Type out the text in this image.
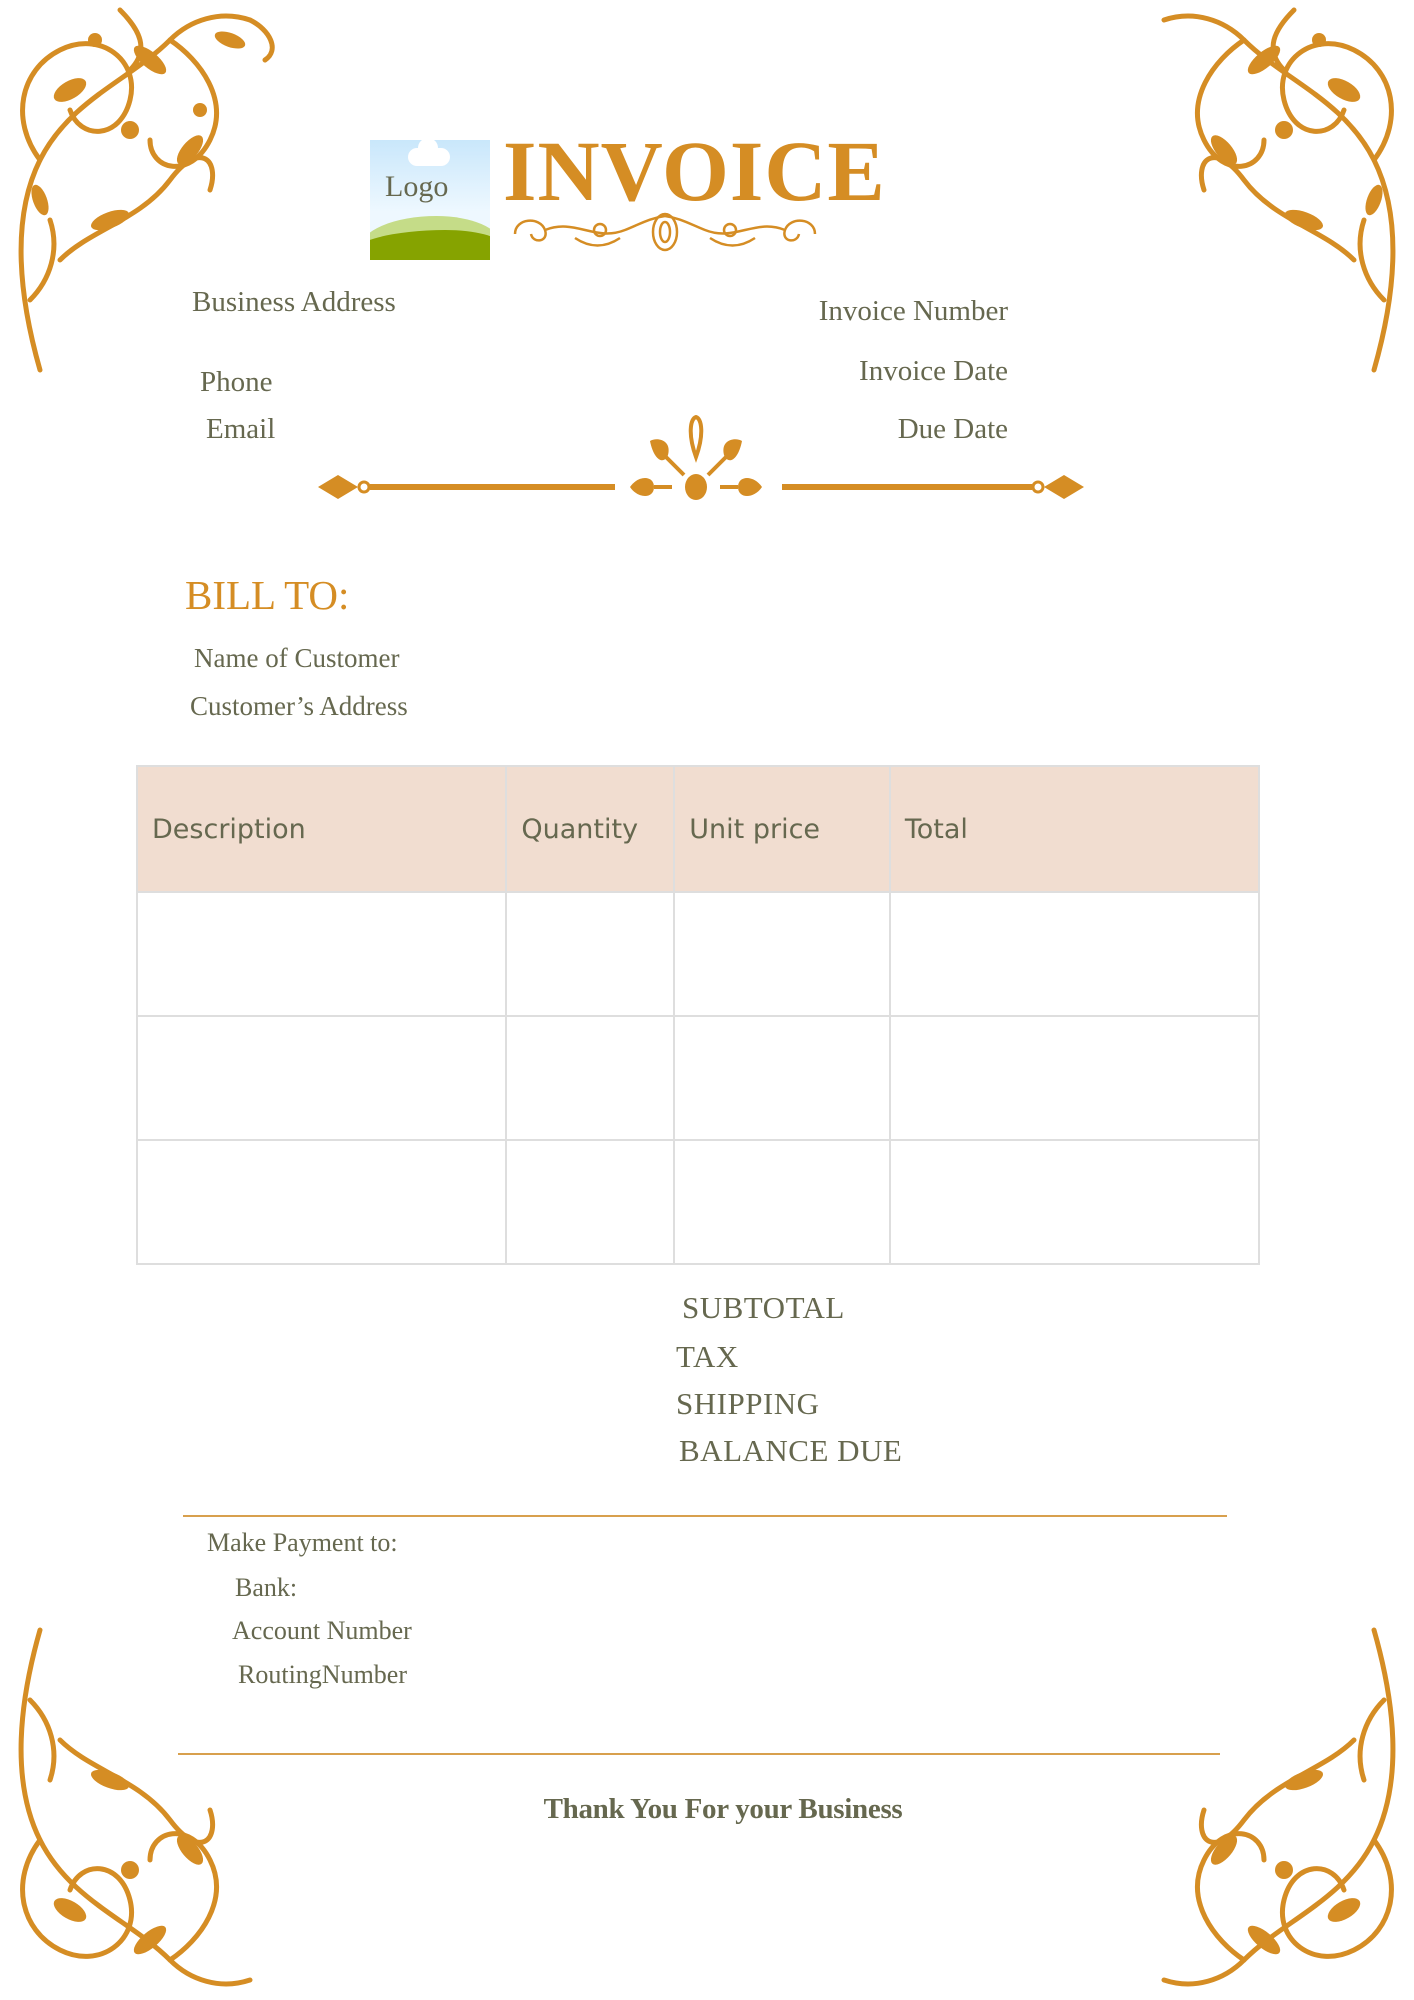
Logo INVOICE
Business Address
Phone
Email
Invoice Number
Invoice Date
Due Date
BILL TO:
Name of Customer
Customer’s Address
Description	Quantity	Unit price	Total

SUBTOTAL
TAX
SHIPPING
BALANCE DUE
Make Payment to:
Bank:
Account Number
RoutingNumber
Thank You For your Business
